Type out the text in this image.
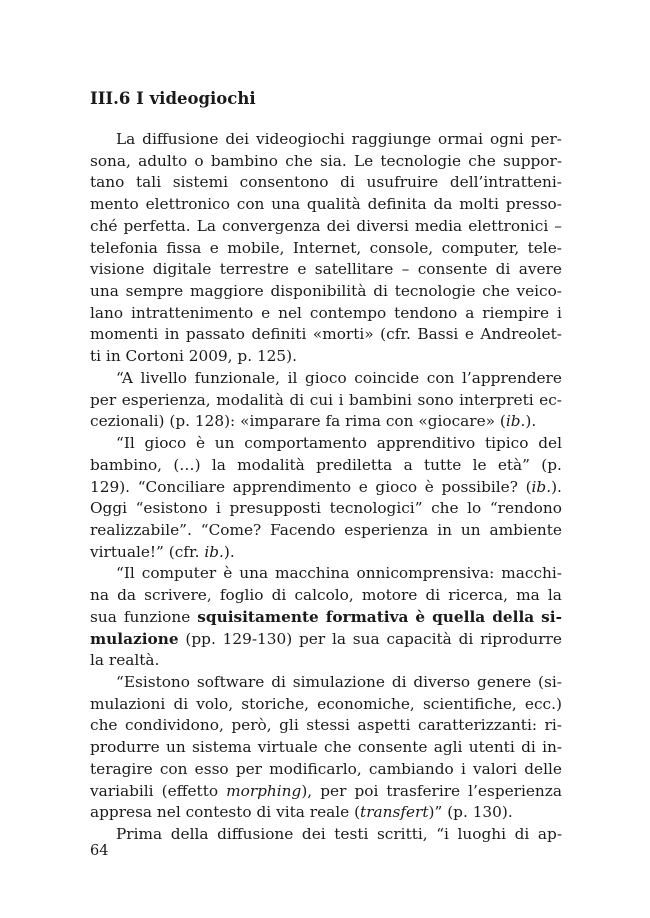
III.6 I videogiochi
La diffusione dei videogiochi raggiunge ormai ogni per-
sona, adulto o bambino che sia. Le tecnologie che suppor-
tano tali sistemi consentono di usufruire dell’intratteni-
mento elettronico con una qualità definita da molti presso-
ché perfetta. La convergenza dei diversi media elettronici –
telefonia fissa e mobile, Internet, console, computer, tele-
visione digitale terrestre e satellitare – consente di avere
una sempre maggiore disponibilità di tecnologie che veico-
lano intrattenimento e nel contempo tendono a riempire i
momenti in passato definiti «morti» (cfr. Bassi e Andreolet-
ti in Cortoni 2009, p. 125).
“A livello funzionale, il gioco coincide con l’apprendere
per esperienza, modalità di cui i bambini sono interpreti ec-
cezionali) (p. 128): «imparare fa rima con «giocare» (ib.).
“Il gioco è un comportamento apprenditivo tipico del
bambino, (…) la modalità prediletta a tutte le età” (p.
129). “Conciliare apprendimento e gioco è possibile? (ib.).
Oggi “esistono i presupposti tecnologici” che lo “rendono
realizzabile”. “Come? Facendo esperienza in un ambiente
virtuale!” (cfr. ib.).
“Il computer è una macchina onnicomprensiva: macchi-
na da scrivere, foglio di calcolo, motore di ricerca, ma la
sua funzione squisitamente formativa è quella della si-
mulazione (pp. 129-130) per la sua capacità di riprodurre
la realtà.
“Esistono software di simulazione di diverso genere (si-
mulazioni di volo, storiche, economiche, scientifiche, ecc.)
che condividono, però, gli stessi aspetti caratterizzanti: ri-
produrre un sistema virtuale che consente agli utenti di in-
teragire con esso per modificarlo, cambiando i valori delle
variabili (effetto morphing), per poi trasferire l’esperienza
appresa nel contesto di vita reale (transfert)” (p. 130).
Prima della diffusione dei testi scritti, “i luoghi di ap-
64
